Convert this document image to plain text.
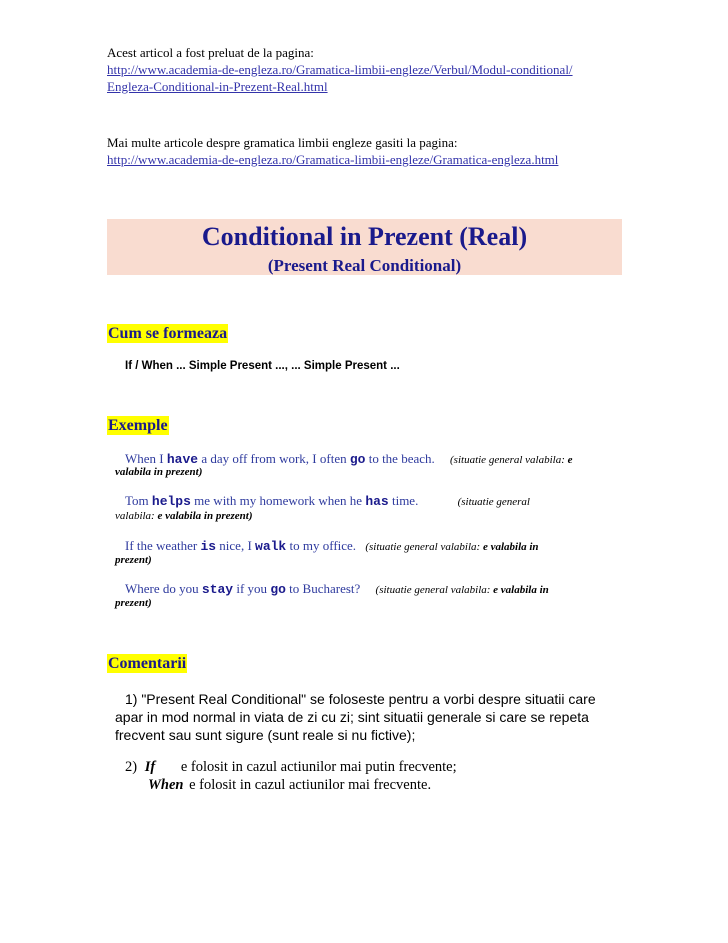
Acest articol a fost preluat de la pagina:
http://www.academia-de-engleza.ro/Gramatica-limbii-engleze/Verbul/Modul-conditional/
Engleza-Conditional-in-Prezent-Real.html
Mai multe articole despre gramatica limbii engleze gasiti la pagina:
http://www.academia-de-engleza.ro/Gramatica-limbii-engleze/Gramatica-engleza.html
Conditional in Prezent (Real)
(Present Real Conditional)
Cum se formeaza
If / When ... Simple Present ..., ... Simple Present ...
Exemple
When I have a day off from work, I often go to the beach. (situatie general valabila: e
valabila in prezent)
Tom helps me with my homework when he has time.	(situatie general
valabila: e valabila in prezent)
If the weather is nice, I walk to my office. (situatie general valabila: e valabila in
prezent)
Where do you stay if you go to Bucharest? (situatie general valabila: e valabila in
prezent)
Comentarii
1) "Present Real Conditional" se foloseste pentru a vorbi despre situatii care
apar in mod normal in viata de zi cu zi; sint situatii generale si care se repeta
frecvent sau sunt sigure (sunt reale si nu fictive);
2) If e folosit in cazul actiunilor mai putin frecvente;
When e folosit in cazul actiunilor mai frecvente.
